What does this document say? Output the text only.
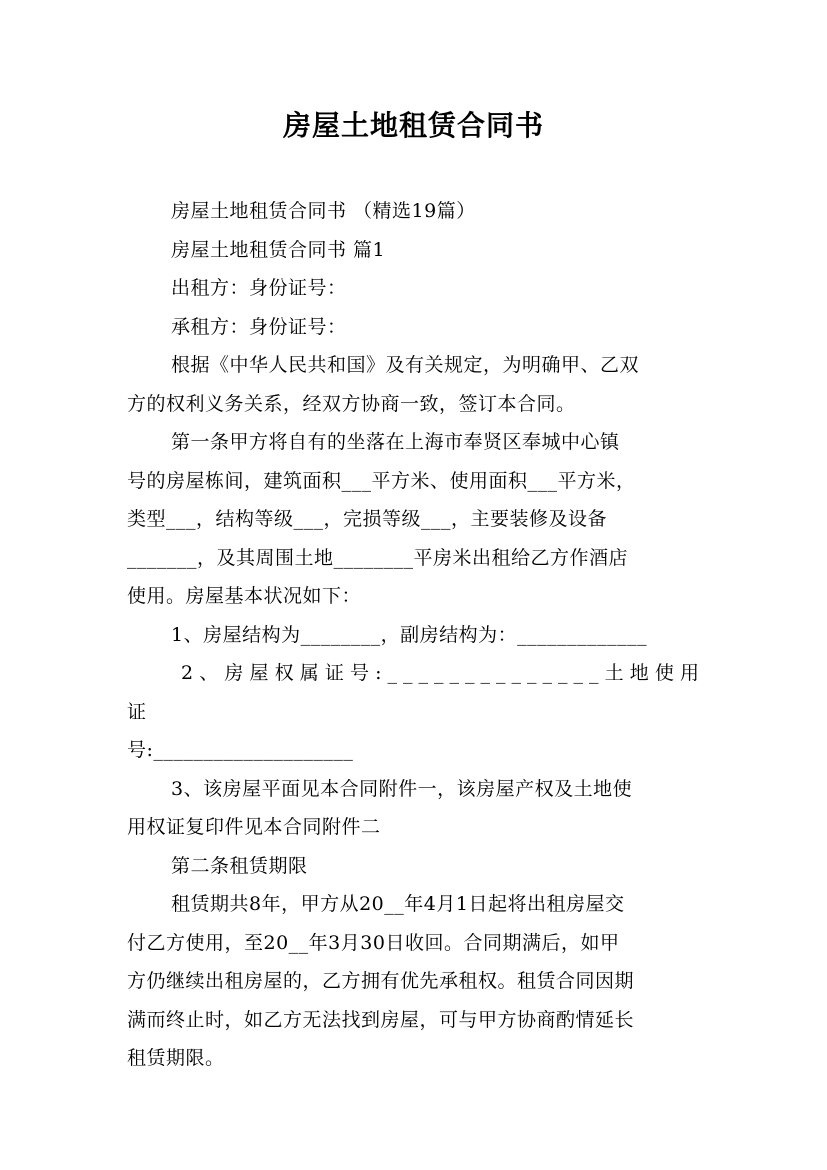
房屋土地租赁合同书

房屋土地租赁合同书 （精选19篇）

房屋土地租赁合同书 篇1

出租方：身份证号：

承租方：身份证号：

根据《中华人民共和国》及有关规定，为明确甲、乙双

方的权利义务关系，经双方协商一致，签订本合同。

第一条甲方将自有的坐落在上海市奉贤区奉城中心镇

号的房屋栋间，建筑面积___平方米、使用面积___平方米，

类型___，结构等级___，完损等级___，主要装修及设备

_______，及其周围土地________平房米出租给乙方作酒店

使用。房屋基本状况如下：

1、房屋结构为________，副房结构为：_____________

2、房屋权属证号:______________土地使用证

号:____________________

3、该房屋平面见本合同附件一，该房屋产权及土地使

用权证复印件见本合同附件二

第二条租赁期限

租赁期共8年，甲方从20__年4月1日起将出租房屋交

付乙方使用，至20__年3月30日收回。合同期满后，如甲

方仍继续出租房屋的，乙方拥有优先承租权。租赁合同因期

满而终止时，如乙方无法找到房屋，可与甲方协商酌情延长

租赁期限。
